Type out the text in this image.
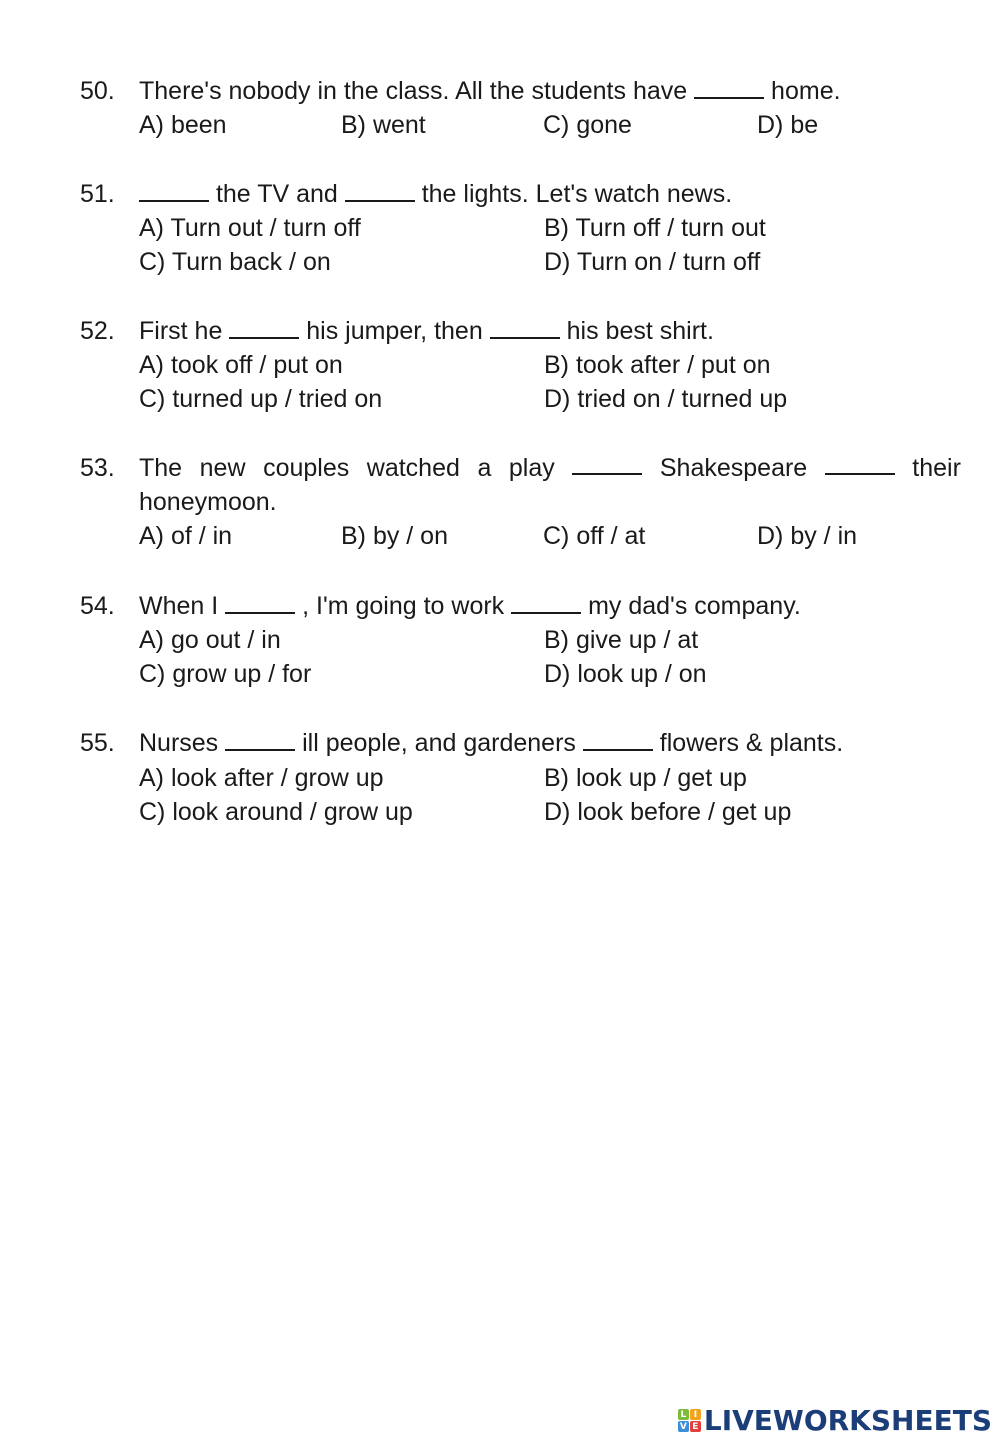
50. There's nobody in the class. All the students have	home.
A) been	B) went	C) gone	D) be
51.	the TV and	the lights. Let's watch news.
A) Turn out / turn off	B) Turn off / turn out
C) Turn back / on	D) Turn on / turn off
52. First he	his jumper, then	his best shirt.
A) took off / put on	B) took after / put on
C) turned up / tried on	D) tried on / turned up
53. The new couples watched a play	Shakespeare	their
honeymoon.
A) of / in	B) by / on	C) off / at	D) by / in
54. When I	, I'm going to work	my dad's company.
A) go out / in	B) give up / at
C) grow up / for	D) look up / on
55. Nurses	ill people, and gardeners	flowers & plants.
A) look after / grow up	B) look up / get up
C) look around / grow up	D) look before / get up
L I
V E LIVEWORKSHEETS
